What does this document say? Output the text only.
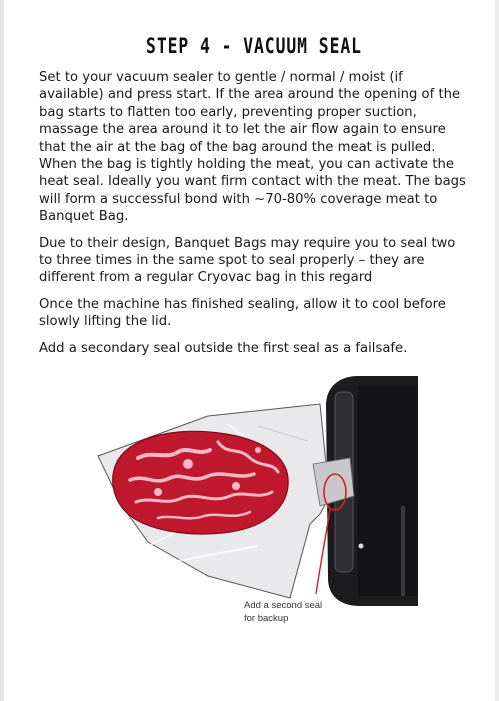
STEP 4 - VACUUM SEAL

Set to your vacuum sealer to gentle / normal / moist (if available) and press start. If the area around the opening of the bag starts to flatten too early, preventing proper suction, massage the area around it to let the air flow again to ensure that the air at the bag of the bag around the meat is pulled. When the bag is tightly holding the meat, you can activate the heat seal. Ideally you want firm contact with the meat. The bags will form a successful bond with ~70-80% coverage meat to Banquet Bag.

Due to their design, Banquet Bags may require you to seal two to three times in the same spot to seal properly – they are different from a regular Cryovac bag in this regard

Once the machine has finished sealing, allow it to cool before slowly lifting the lid.

Add a secondary seal outside the first seal as a failsafe.

Add a second seal
for backup
